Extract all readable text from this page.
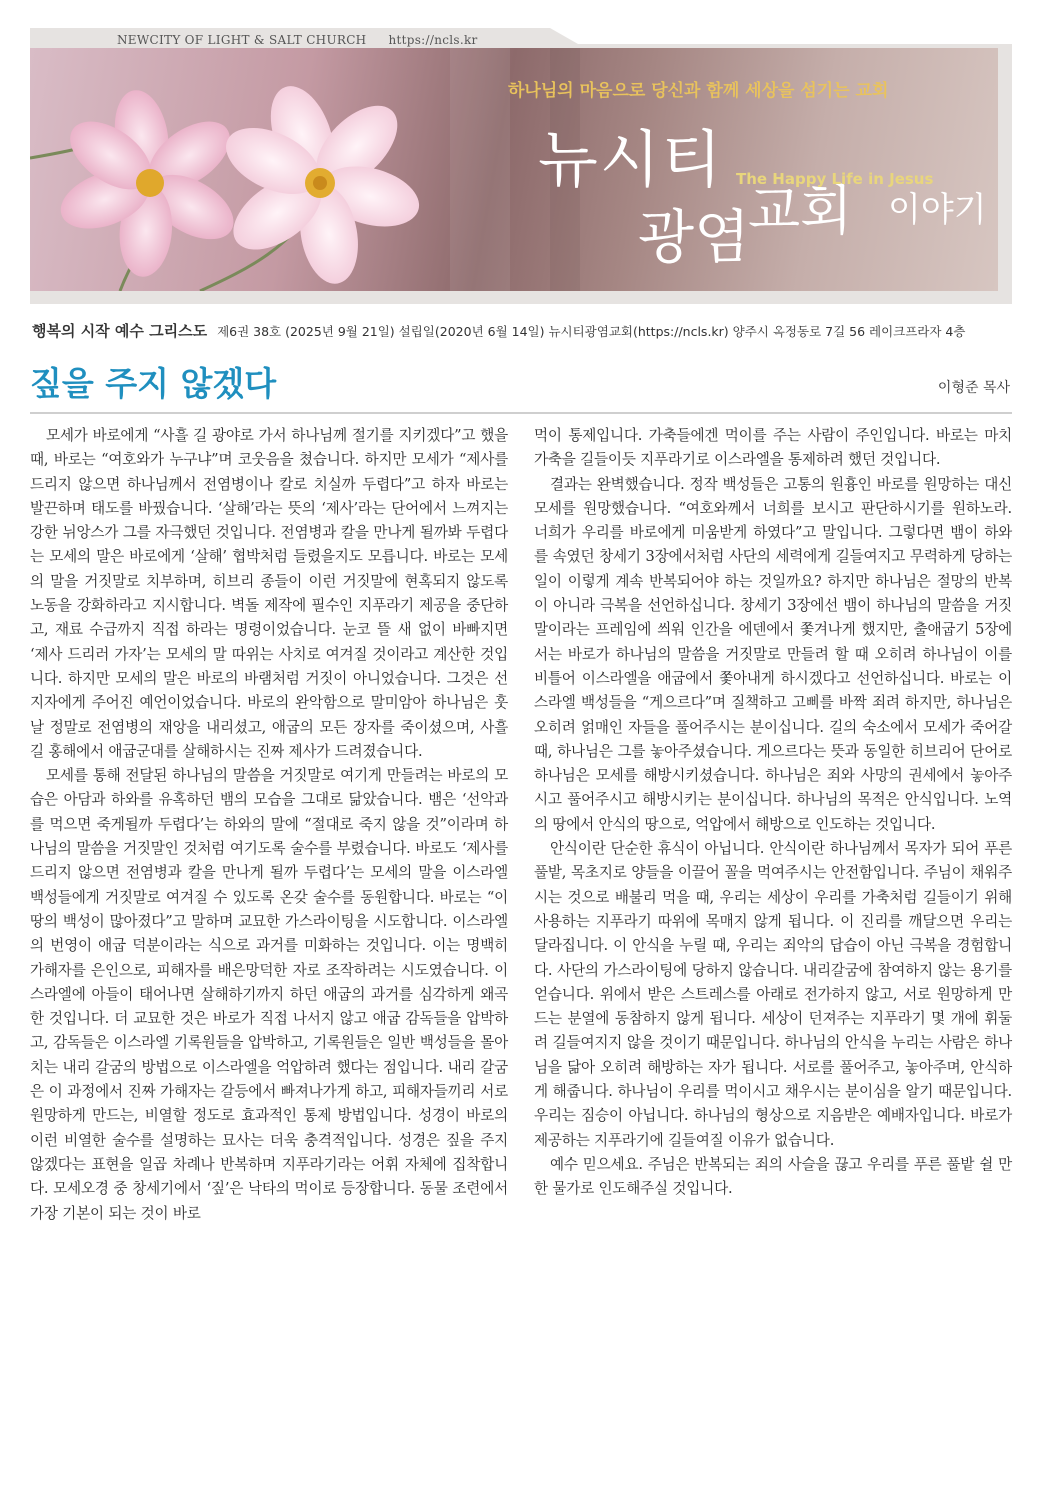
NEWCITY OF LIGHT & SALT CHURCH https://ncls.kr
하나님의 마음으로 당신과 함께 세상을 섬기는 교회
뉴시티
광염
교회 이야기
The Happy Life in Jesus
행복의 시작 예수 그리스도 제6권 38호 (2025년 9월 21일) 설립일(2020년 6월 14일) 뉴시티광염교회(https://ncls.kr) 양주시 옥정동로 7길 56 레이크프라자 4층
짚을 주지 않겠다	이형준 목사

모세가 바로에게 “사흘 길 광야로 가서 하나님께 절기를 지키겠다”고 했을 때, 바로는 “여호와가 누구냐”며 코웃음을 쳤습니다. 하지만 모세가 “제사를 드리지 않으면 하나님께서 전염병이나 칼로 치실까 두렵다”고 하자 바로는 발끈하며 태도를 바꿨습니다. ‘살해’라는 뜻의 ‘제사’라는 단어에서 느껴지는 강한 뉘앙스가 그를 자극했던 것입니다. 전염병과 칼을 만나게 될까봐 두렵다는 모세의 말은 바로에게 ‘살해’ 협박처럼 들렸을지도 모릅니다. 바로는 모세의 말을 거짓말로 치부하며, 히브리 종들이 이런 거짓말에 현혹되지 않도록 노동을 강화하라고 지시합니다. 벽돌 제작에 필수인 지푸라기 제공을 중단하고, 재료 수급까지 직접 하라는 명령이었습니다. 눈코 뜰 새 없이 바빠지면 ‘제사 드리러 가자’는 모세의 말 따위는 사치로 여겨질 것이라고 계산한 것입니다. 하지만 모세의 말은 바로의 바램처럼 거짓이 아니었습니다. 그것은 선지자에게 주어진 예언이었습니다. 바로의 완악함으로 말미암아 하나님은 훗날 정말로 전염병의 재앙을 내리셨고, 애굽의 모든 장자를 죽이셨으며, 사흘 길 홍해에서 애굽군대를 살해하시는 진짜 제사가 드려졌습니다.

모세를 통해 전달된 하나님의 말씀을 거짓말로 여기게 만들려는 바로의 모습은 아담과 하와를 유혹하던 뱀의 모습을 그대로 닮았습니다. 뱀은 ‘선악과를 먹으면 죽게될까 두렵다’는 하와의 말에 “절대로 죽지 않을 것”이라며 하나님의 말씀을 거짓말인 것처럼 여기도록 술수를 부렸습니다. 바로도 ‘제사를 드리지 않으면 전염병과 칼을 만나게 될까 두렵다’는 모세의 말을 이스라엘 백성들에게 거짓말로 여겨질 수 있도록 온갖 술수를 동원합니다. 바로는 “이 땅의 백성이 많아졌다”고 말하며 교묘한 가스라이팅을 시도합니다. 이스라엘의 번영이 애굽 덕분이라는 식으로 과거를 미화하는 것입니다. 이는 명백히 가해자를 은인으로, 피해자를 배은망덕한 자로 조작하려는 시도였습니다. 이스라엘에 아들이 태어나면 살해하기까지 하던 애굽의 과거를 심각하게 왜곡한 것입니다. 더 교묘한 것은 바로가 직접 나서지 않고 애굽 감독들을 압박하고, 감독들은 이스라엘 기록원들을 압박하고, 기록원들은 일반 백성들을 몰아치는 내리 갈굼의 방법으로 이스라엘을 억압하려 했다는 점입니다. 내리 갈굼은 이 과정에서 진짜 가해자는 갈등에서 빠져나가게 하고, 피해자들끼리 서로 원망하게 만드는, 비열할 정도로 효과적인 통제 방법입니다. 성경이 바로의 이런 비열한 술수를 설명하는 묘사는 더욱 충격적입니다. 성경은 짚을 주지 않겠다는 표현을 일곱 차례나 반복하며 지푸라기라는 어휘 자체에 집착합니다. 모세오경 중 창세기에서 ‘짚’은 낙타의 먹이로 등장합니다. 동물 조련에서 가장 기본이 되는 것이 바로

먹이 통제입니다. 가축들에겐 먹이를 주는 사람이 주인입니다. 바로는 마치 가축을 길들이듯 지푸라기로 이스라엘을 통제하려 했던 것입니다.

결과는 완벽했습니다. 정작 백성들은 고통의 원흉인 바로를 원망하는 대신 모세를 원망했습니다. “여호와께서 너희를 보시고 판단하시기를 원하노라. 너희가 우리를 바로에게 미움받게 하였다”고 말입니다. 그렇다면 뱀이 하와를 속였던 창세기 3장에서처럼 사단의 세력에게 길들여지고 무력하게 당하는 일이 이렇게 계속 반복되어야 하는 것일까요? 하지만 하나님은 절망의 반복이 아니라 극복을 선언하십니다. 창세기 3장에선 뱀이 하나님의 말씀을 거짓말이라는 프레임에 씌워 인간을 에덴에서 쫓겨나게 했지만, 출애굽기 5장에서는 바로가 하나님의 말씀을 거짓말로 만들려 할 때 오히려 하나님이 이를 비틀어 이스라엘을 애굽에서 쫓아내게 하시겠다고 선언하십니다. 바로는 이스라엘 백성들을 “게으르다”며 질책하고 고삐를 바짝 죄려 하지만, 하나님은 오히려 얽매인 자들을 풀어주시는 분이십니다. 길의 숙소에서 모세가 죽어갈 때, 하나님은 그를 놓아주셨습니다. 게으르다는 뜻과 동일한 히브리어 단어로 하나님은 모세를 해방시키셨습니다. 하나님은 죄와 사망의 권세에서 놓아주시고 풀어주시고 해방시키는 분이십니다. 하나님의 목적은 안식입니다. 노역의 땅에서 안식의 땅으로, 억압에서 해방으로 인도하는 것입니다.

안식이란 단순한 휴식이 아닙니다. 안식이란 하나님께서 목자가 되어 푸른 풀밭, 목초지로 양들을 이끌어 꼴을 먹여주시는 안전함입니다. 주님이 채워주시는 것으로 배불리 먹을 때, 우리는 세상이 우리를 가축처럼 길들이기 위해 사용하는 지푸라기 따위에 목매지 않게 됩니다. 이 진리를 깨달으면 우리는 달라집니다. 이 안식을 누릴 때, 우리는 죄악의 답습이 아닌 극복을 경험합니다. 사단의 가스라이팅에 당하지 않습니다. 내리갈굼에 참여하지 않는 용기를 얻습니다. 위에서 받은 스트레스를 아래로 전가하지 않고, 서로 원망하게 만드는 분열에 동참하지 않게 됩니다. 세상이 던져주는 지푸라기 몇 개에 휘둘려 길들여지지 않을 것이기 때문입니다. 하나님의 안식을 누리는 사람은 하나님을 닮아 오히려 해방하는 자가 됩니다. 서로를 풀어주고, 놓아주며, 안식하게 해줍니다. 하나님이 우리를 먹이시고 채우시는 분이심을 알기 때문입니다. 우리는 짐승이 아닙니다. 하나님의 형상으로 지음받은 예배자입니다. 바로가 제공하는 지푸라기에 길들여질 이유가 없습니다.

예수 믿으세요. 주님은 반복되는 죄의 사슬을 끊고 우리를 푸른 풀밭 쉴 만한 물가로 인도해주실 것입니다.
